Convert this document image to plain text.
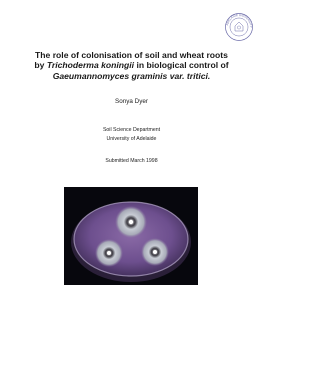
ADELAIDE UNIVERSITY
The role of colonisation of soil and wheat roots
by Trichoderma koningii in biological control of
Gaeumannomyces graminis var. tritici.
Sonya Dyer
Soil Science Department
University of Adelaide
Submitted March 1998
